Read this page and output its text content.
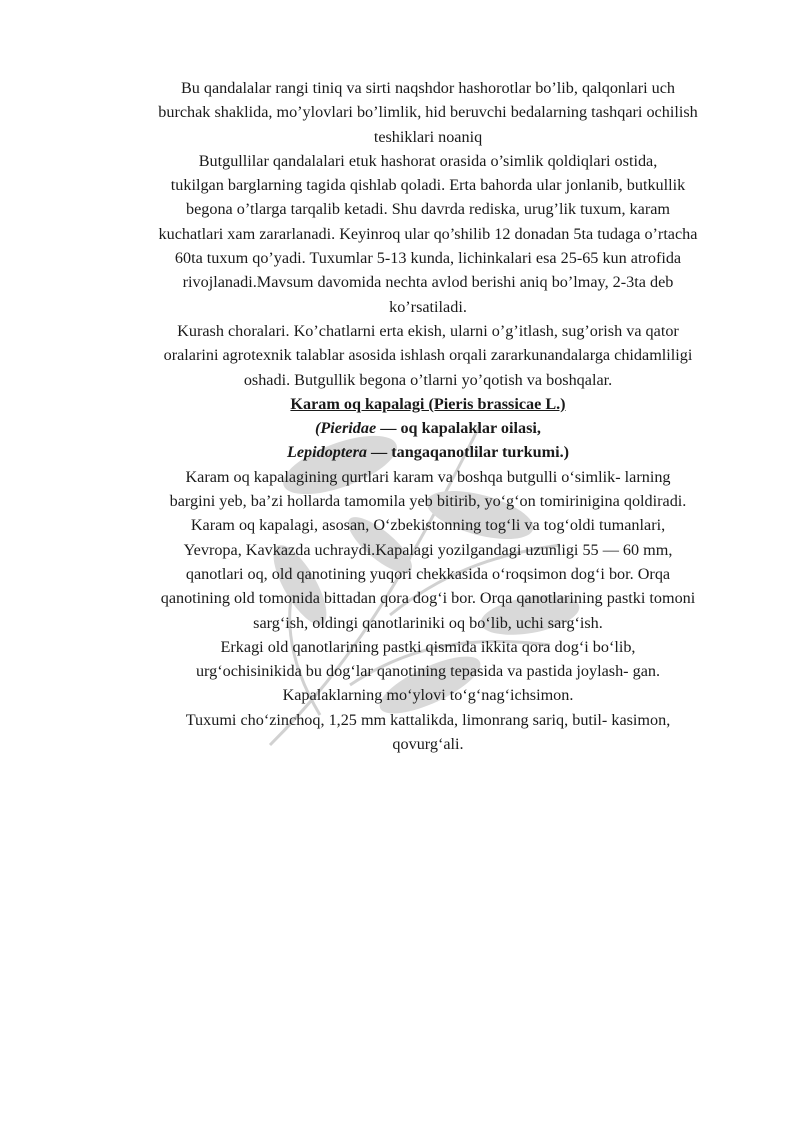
Bu qandalalar rangi tiniq va sirti naqshdor hashorotlar bo’lib, qalqonlari uch
burchak shaklida, mo’ylovlari bo’limlik, hid beruvchi bedalarning tashqari ochilish
teshiklari noaniq
Butgullilar qandalalari etuk hashorat orasida o’simlik qoldiqlari ostida,
tukilgan barglarning tagida qishlab qoladi. Erta bahorda ular jonlanib, butkullik
begona o’tlarga tarqalib ketadi. Shu davrda rediska, urug’lik tuxum, karam
kuchatlari xam zararlanadi. Keyinroq ular qo’shilib 12 donadan 5ta tudaga o’rtacha
60ta tuxum qo’yadi. Tuxumlar 5-13 kunda, lichinkalari esa 25-65 kun atrofida
rivojlanadi.Mavsum davomida nechta avlod berishi aniq bo’lmay, 2-3ta deb
ko’rsatiladi.
Kurash choralari. Ko’chatlarni erta ekish, ularni o’g’itlash, sug’orish va qator
oralarini agrotexnik talablar asosida ishlash orqali zararkunandalarga chidamliligi
oshadi. Butgullik begona o’tlarni yo’qotish va boshqalar.
Karam oq kapalagi (Pieris brassicae L.)
(Pieridae — oq kapalaklar oilasi,
Lepidoptera — tangaqanotlilar turkumi.)
Karam oq kapalagining qurtlari karam va boshqa butgulli o‘simlik- larning
bargini yeb, ba’zi hollarda tamomila yeb bitirib, yo‘g‘on tomirinigina qoldiradi.
Karam oq kapalagi, asosan, O‘zbekistonning tog‘li va tog‘oldi tumanlari,
Yevropa, Kavkazda uchraydi.Kapalagi yozilgandagi uzunligi 55 — 60 mm,
qanotlari oq, old qanotining yuqori chekkasida o‘roqsimon dog‘i bor. Orqa
qanotining old tomonida bittadan qora dog‘i bor. Orqa qanotlarining pastki tomoni
sarg‘ish, oldingi qanotlariniki oq bo‘lib, uchi sarg‘ish.
Erkagi old qanotlarining pastki qismida ikkita qora dog‘i bo‘lib,
urg‘ochisinikida bu dog‘lar qanotining tepasida va pastida joylash- gan.
Kapalaklarning mo‘ylovi to‘g‘nag‘ichsimon.
Tuxumi cho‘zinchoq, 1,25 mm kattalikda, limonrang sariq, butil- kasimon,
qovurg‘ali.
